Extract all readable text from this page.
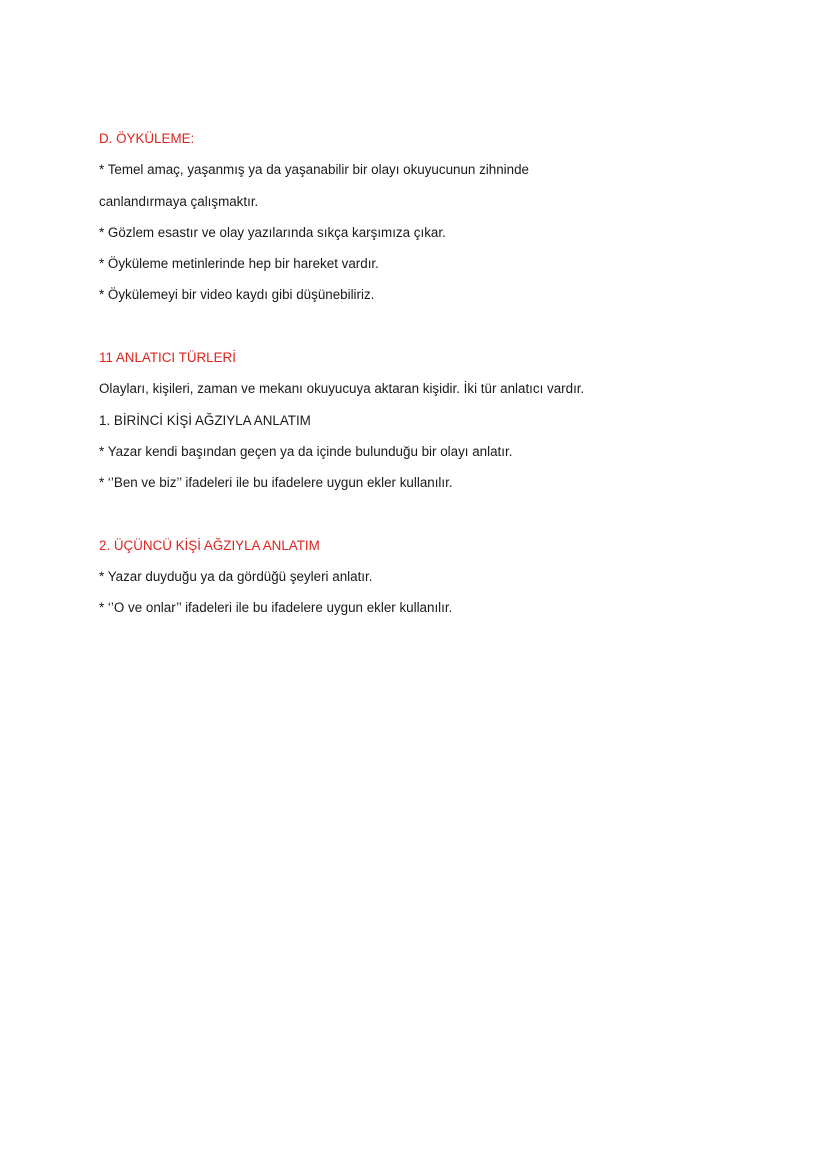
D. ÖYKÜLEME:
* Temel amaç, yaşanmış ya da yaşanabilir bir olayı okuyucunun zihninde
canlandırmaya çalışmaktır.
* Gözlem esastır ve olay yazılarında sıkça karşımıza çıkar.
* Öyküleme metinlerinde hep bir hareket vardır.
* Öykülemeyi bir video kaydı gibi düşünebiliriz.
11 ANLATICI TÜRLERİ
Olayları, kişileri, zaman ve mekanı okuyucuya aktaran kişidir. İki tür anlatıcı vardır.
1. BİRİNCİ KİŞİ AĞZIYLA ANLATIM
* Yazar kendi başından geçen ya da içinde bulunduğu bir olayı anlatır.
* ‘’Ben ve biz’’ ifadeleri ile bu ifadelere uygun ekler kullanılır.
2. ÜÇÜNCÜ KİŞİ AĞZIYLA ANLATIM
* Yazar duyduğu ya da gördüğü şeyleri anlatır.
* ‘’O ve onlar’’ ifadeleri ile bu ifadelere uygun ekler kullanılır.
